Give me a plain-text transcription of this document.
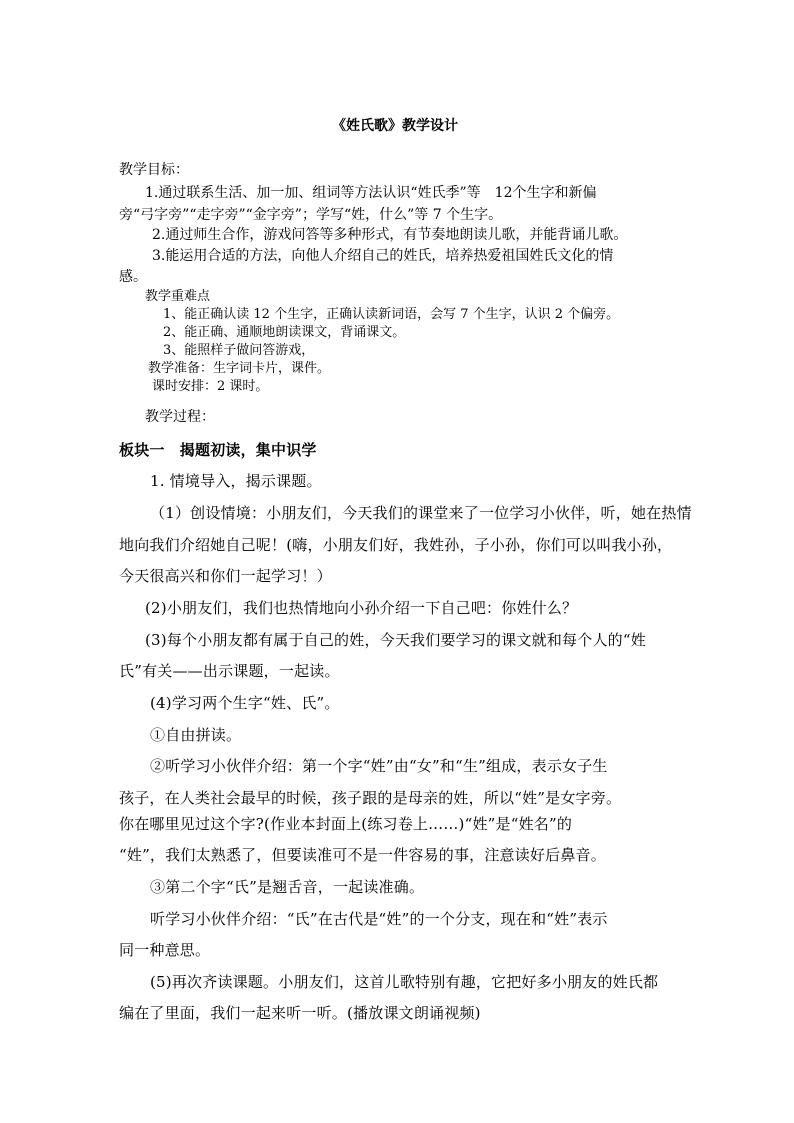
《姓氏歌》教学设计
教学目标：
1.通过联系生活、加一加、组词等方法认识“姓氏季”等　12个生字和新偏
旁“弓字旁”“走字旁”“金字旁”；学写“姓，什么”等 7 个生字。
2.通过师生合作，游戏问答等多种形式，有节奏地朗读儿歌，并能背诵儿歌。
3.能运用合适的方法，向他人介绍自己的姓氏，培养热爱祖国姓氏文化的情
感。
教学重难点
1、能正确认读 12 个生字，正确认读新词语，会写 7 个生字，认识 2 个偏旁。
2、能正确、通顺地朗读课文，背诵课文。
3、能照样子做问答游戏，
教学准备：生字词卡片，课件。
课时安排：2 课时。
教学过程：
板块一　揭题初读，集中识学
1. 情境导入，揭示课题。
（1）创设情境：小朋友们，今天我们的课堂来了一位学习小伙伴，听，她在热情
地向我们介绍她自己呢！(嗨，小朋友们好，我姓孙，子小孙，你们可以叫我小孙，
今天很高兴和你们一起学习！）
(2)小朋友们，我们也热情地向小孙介绍一下自己吧：你姓什么？
(3)每个小朋友都有属于自己的姓，今天我们要学习的课文就和每个人的“姓
氏”有关——出示课题，一起读。
(4)学习两个生字“姓、氏”。
①自由拼读。
②听学习小伙伴介绍：第一个字“姓”由“女”和“生”组成，表示女子生
孩子，在人类社会最早的时候，孩子跟的是母亲的姓，所以“姓”是女字旁。
你在哪里见过这个字?(作业本封面上(练习卷上……)“姓”是“姓名”的
“姓”，我们太熟悉了，但要读准可不是一件容易的事，注意读好后鼻音。
③第二个字“氏”是翘舌音，一起读准确。
听学习小伙伴介绍：“氏”在古代是“姓”的一个分支，现在和“姓”表示
同一种意思。
(5)再次齐读课题。小朋友们，这首儿歌特别有趣，它把好多小朋友的姓氏都
编在了里面，我们一起来听一听。(播放课文朗诵视频)
